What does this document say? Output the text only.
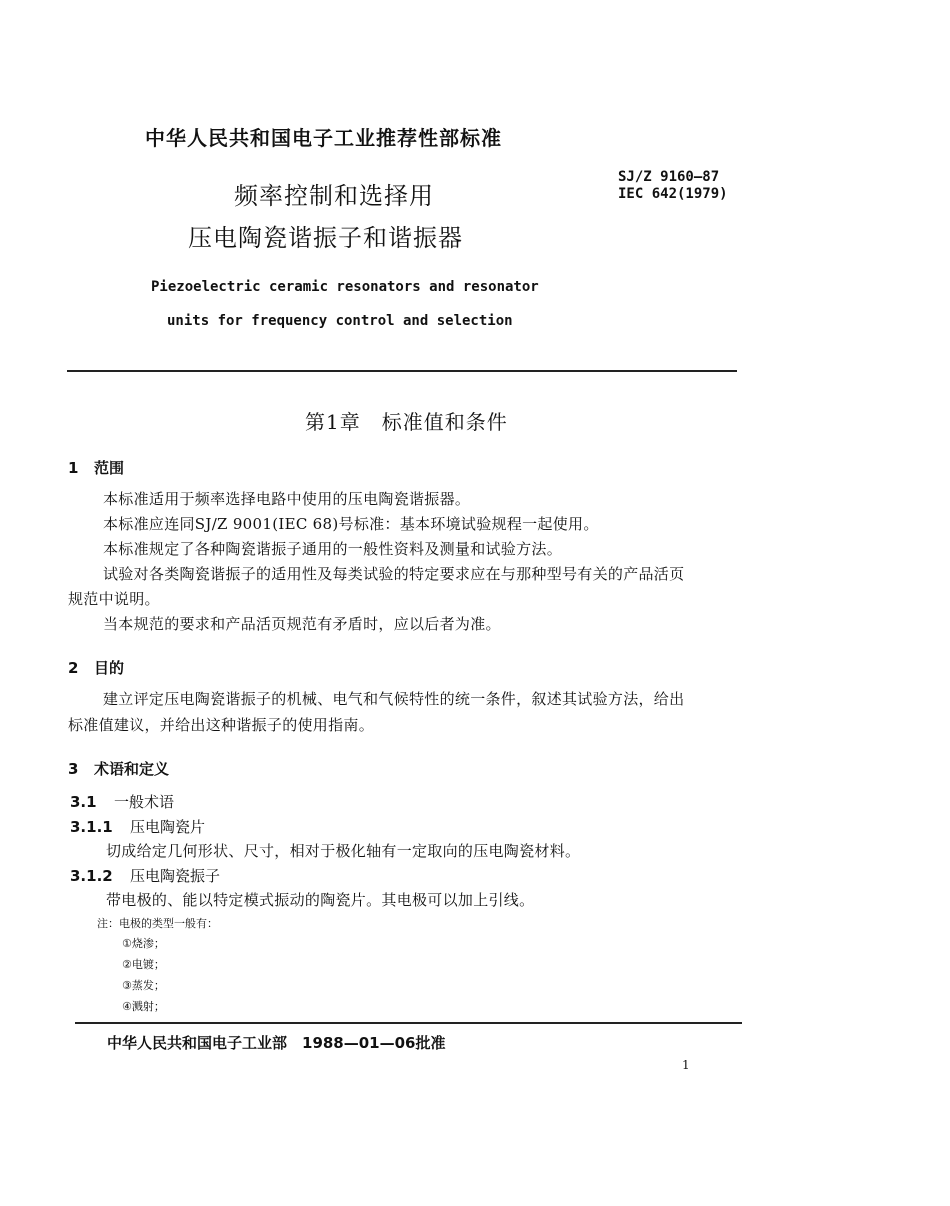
中华人民共和国电子工业推荐性部标准
SJ/Z 9160—87
IEC 642(1979)
频率控制和选择用
压电陶瓷谐振子和谐振器
Piezoelectric ceramic resonators and resonator
units for frequency control and selection
第1章　标准值和条件
1 范围
本标准适用于频率选择电路中使用的压电陶瓷谐振器。
本标准应连同SJ/Z 9001(IEC 68)号标准：基本环境试验规程一起使用。
本标准规定了各种陶瓷谐振子通用的一般性资料及测量和试验方法。
试验对各类陶瓷谐振子的适用性及每类试验的特定要求应在与那种型号有关的产品活页
规范中说明。
当本规范的要求和产品活页规范有矛盾时，应以后者为准。
2 目的
建立评定压电陶瓷谐振子的机械、电气和气候特性的统一条件，叙述其试验方法，给出
标准值建议，并给出这种谐振子的使用指南。
3 术语和定义
3.1 一般术语
3.1.1 压电陶瓷片
切成给定几何形状、尺寸，相对于极化轴有一定取向的压电陶瓷材料。
3.1.2 压电陶瓷振子
带电极的、能以特定模式振动的陶瓷片。其电极可以加上引线。
注：电极的类型一般有：
①烧渗；
②电镀；
③蒸发；
④溅射；
中华人民共和国电子工业部　1988—01—06批准
1
